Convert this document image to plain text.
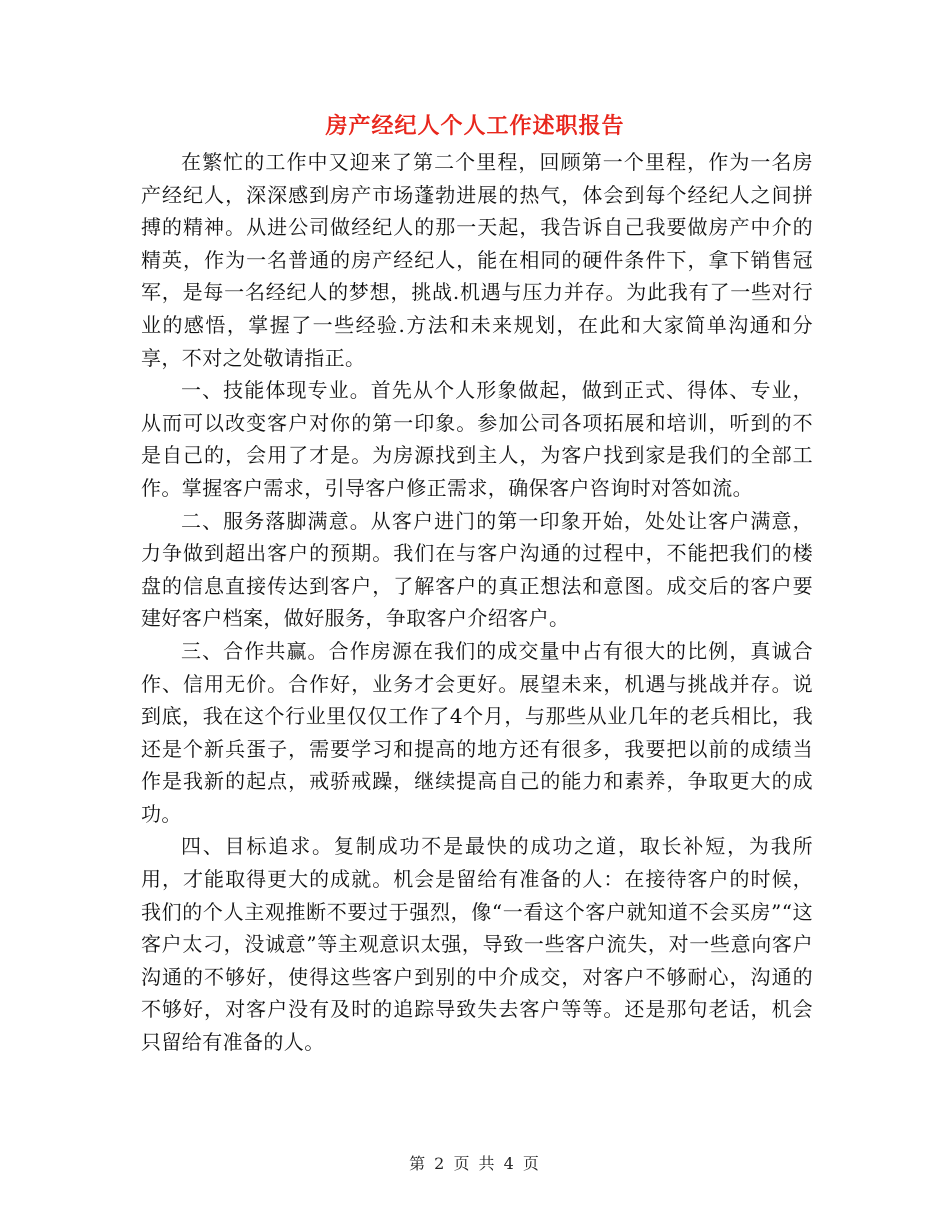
房产经纪人个人工作述职报告

在繁忙的工作中又迎来了第二个里程，回顾第一个里程，作为一名房产经纪人，深深感到房产市场蓬勃进展的热气，体会到每个经纪人之间拼搏的精神。从进公司做经纪人的那一天起，我告诉自己我要做房产中介的精英，作为一名普通的房产经纪人，能在相同的硬件条件下，拿下销售冠军，是每一名经纪人的梦想，挑战.机遇与压力并存。为此我有了一些对行业的感悟，掌握了一些经验.方法和未来规划，在此和大家简单沟通和分享，不对之处敬请指正。

一、技能体现专业。首先从个人形象做起，做到正式、得体、专业，从而可以改变客户对你的第一印象。参加公司各项拓展和培训，听到的不是自己的，会用了才是。为房源找到主人，为客户找到家是我们的全部工作。掌握客户需求，引导客户修正需求，确保客户咨询时对答如流。

二、服务落脚满意。从客户进门的第一印象开始，处处让客户满意，力争做到超出客户的预期。我们在与客户沟通的过程中，不能把我们的楼盘的信息直接传达到客户，了解客户的真正想法和意图。成交后的客户要建好客户档案，做好服务，争取客户介绍客户。

三、合作共赢。合作房源在我们的成交量中占有很大的比例，真诚合作、信用无价。合作好，业务才会更好。展望未来，机遇与挑战并存。说到底，我在这个行业里仅仅工作了4个月，与那些从业几年的老兵相比，我还是个新兵蛋子，需要学习和提高的地方还有很多，我要把以前的成绩当作是我新的起点，戒骄戒躁，继续提高自己的能力和素养，争取更大的成功。

四、目标追求。复制成功不是最快的成功之道，取长补短，为我所用，才能取得更大的成就。机会是留给有准备的人：在接待客户的时候，我们的个人主观推断不要过于强烈，像“一看这个客户就知道不会买房”“这客户太刁，没诚意”等主观意识太强，导致一些客户流失，对一些意向客户沟通的不够好，使得这些客户到别的中介成交，对客户不够耐心，沟通的不够好，对客户没有及时的追踪导致失去客户等等。还是那句老话，机会只留给有准备的人。

第 2 页 共 4 页
